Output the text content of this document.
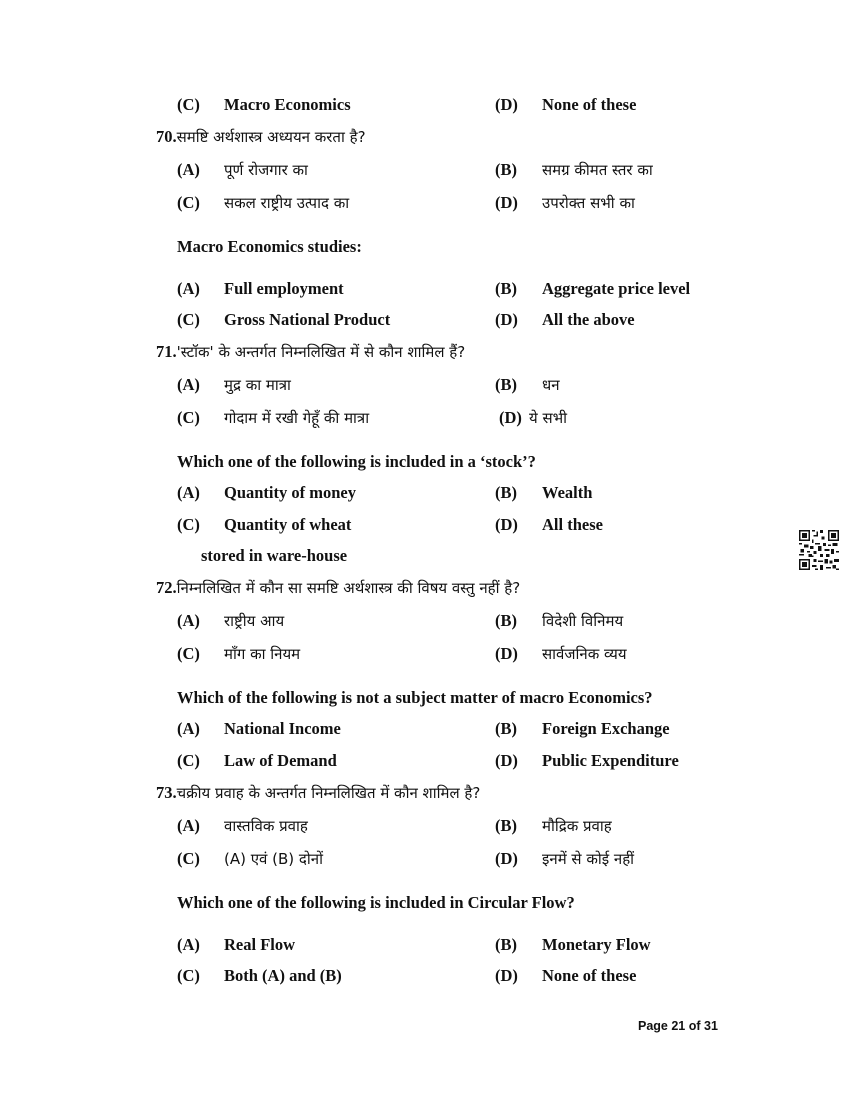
(C) Macro Economics	(D) None of these
70.समष्टि अर्थशास्त्र अध्ययन करता है?
(A) पूर्ण रोजगार का	(B) समग्र कीमत स्तर का
(C) सकल राष्ट्रीय उत्पाद का	(D) उपरोक्त सभी का
Macro Economics studies:
(A) Full employment	(B) Aggregate price level
(C) Gross National Product	(D) All the above
71.'स्टॉक' के अन्तर्गत निम्नलिखित में से कौन शामिल हैं?
(A) मुद्र का मात्रा	(B) धन
(C) गोदाम में रखी गेहूँ की मात्रा	(D) ये सभी
Which one of the following is included in a ‘stock’?
(A) Quantity of money	(B) Wealth
(C) Quantity of wheat	(D) All these
stored in ware-house
72.निम्नलिखित में कौन सा समष्टि अर्थशास्त्र की विषय वस्तु नहीं है?
(A) राष्ट्रीय आय	(B) विदेशी विनिमय
(C) माँग का नियम	(D) सार्वजनिक व्यय
Which of the following is not a subject matter of macro Economics?
(A) National Income	(B) Foreign Exchange
(C) Law of Demand	(D) Public Expenditure
73.चक्रीय प्रवाह के अन्तर्गत निम्नलिखित में कौन शामिल है?
(A) वास्तविक प्रवाह	(B) मौद्रिक प्रवाह
(C) (A) एवं (B) दोनों	(D) इनमें से कोई नहीं
Which one of the following is included in Circular Flow?
(A) Real Flow	(B) Monetary Flow
(C) Both (A) and (B)	(D) None of these
Page 21 of 31
